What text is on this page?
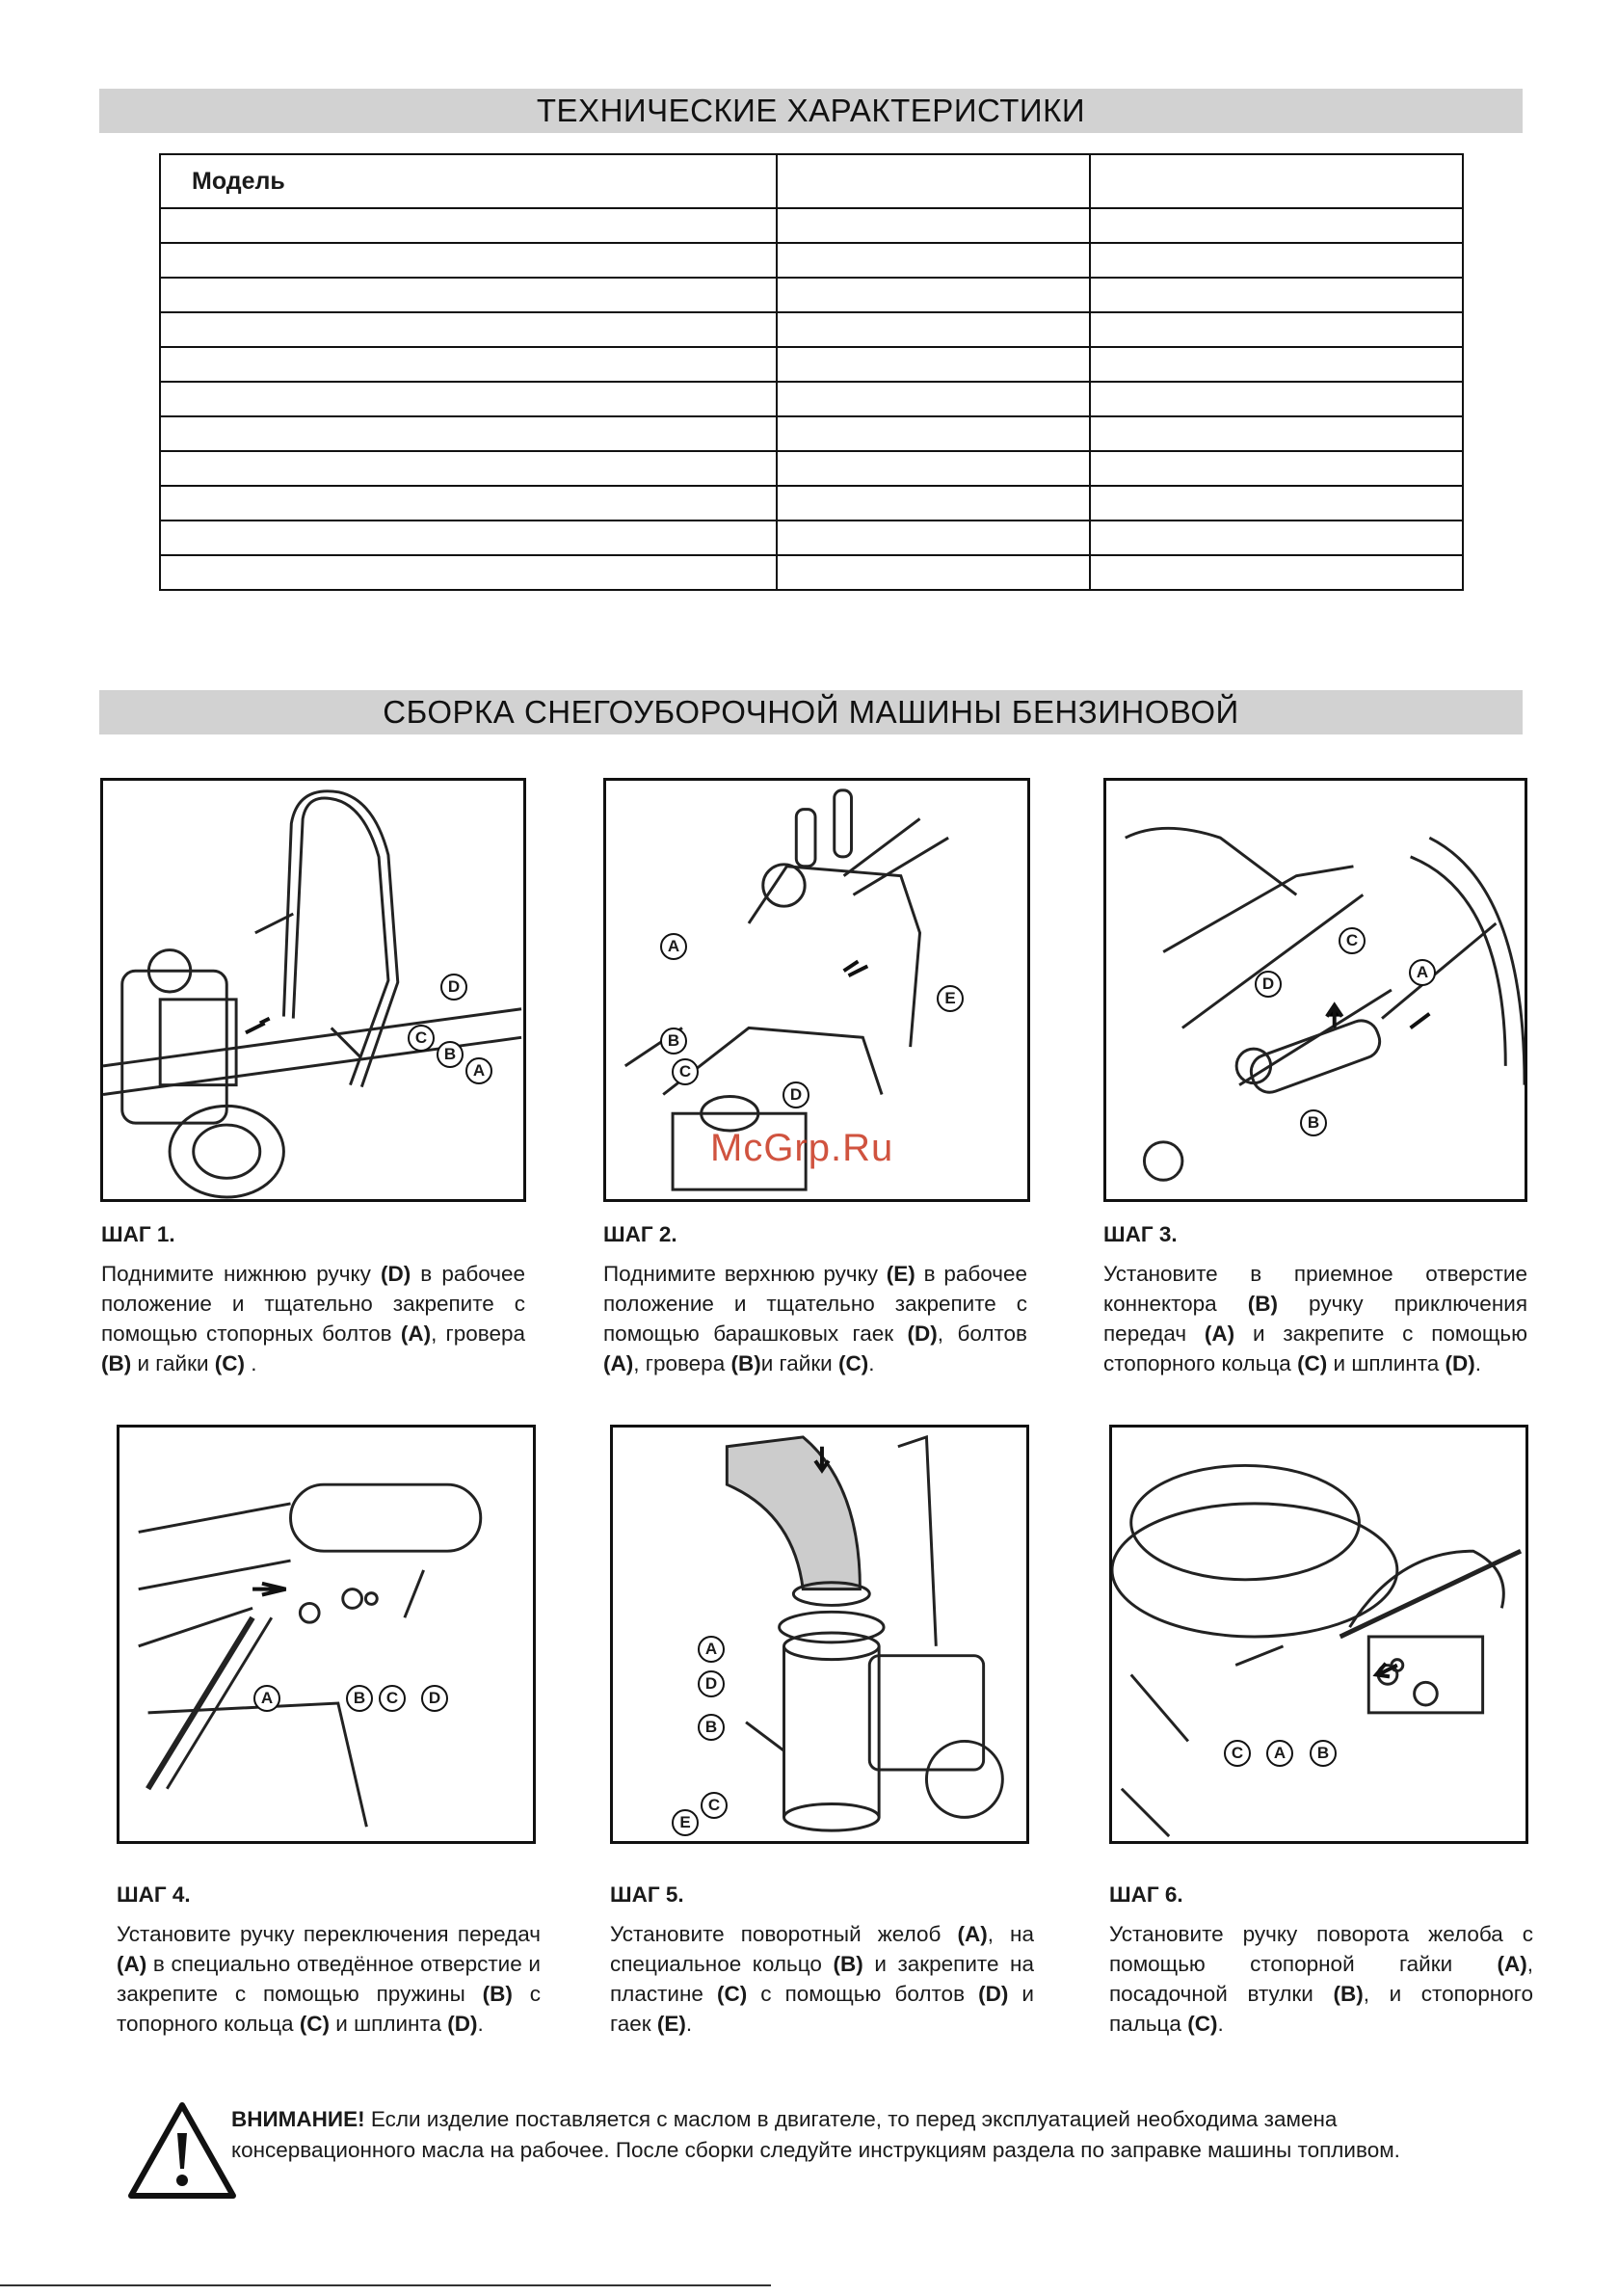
ТЕХНИЧЕСКИЕ ХАРАКТЕРИСТИКИ
Модель		

СБОРКА СНЕГОУБОРОЧНОЙ МАШИНЫ БЕНЗИНОВОЙ
McGrp.Ru
D
C
B
A
A
E
B
C
D
C
A
D
B
A	B	C	D
A
D
B
C
E
C	A	B
ШАГ 1.
Поднимите нижнюю ручку (D) в рабочее положение и тщательно закрепите с помощью стопорных болтов (А), гровера (В) и гайки (С) .
ШАГ 2.
Поднимите верхнюю ручку (Е) в рабочее положение и тщательно закрепите с помощью барашковых гаек (D), болтов (А), гровера (В)и гайки (С).
ШАГ 3.
Установите в приемное отверстие коннектора (В) ручку приключения передач (А) и закрепите с помощью стопорного кольца (С) и шплинта (D).
ШАГ 4.
Установите ручку переключения передач (А) в специально отведённое отверстие и закрепите с помощью пружины (В) с топорного кольца (С) и шплинта (D).
ШАГ 5.
Установите поворотный желоб (А), на специальное кольцо (В) и закрепите на пластине (С) с помощью болтов (D) и гаек (Е).
ШАГ 6.
Установите ручку поворота желоба с помощью стопорной гайки (А), посадочной втулки (В), и стопорного пальца (С).
ВНИМАНИЕ! Если изделие поставляется с маслом в двигателе, то перед эксплуатацией необходима замена консервационного масла на рабочее. После сборки следуйте инструкциям раздела по заправке машины топливом.
